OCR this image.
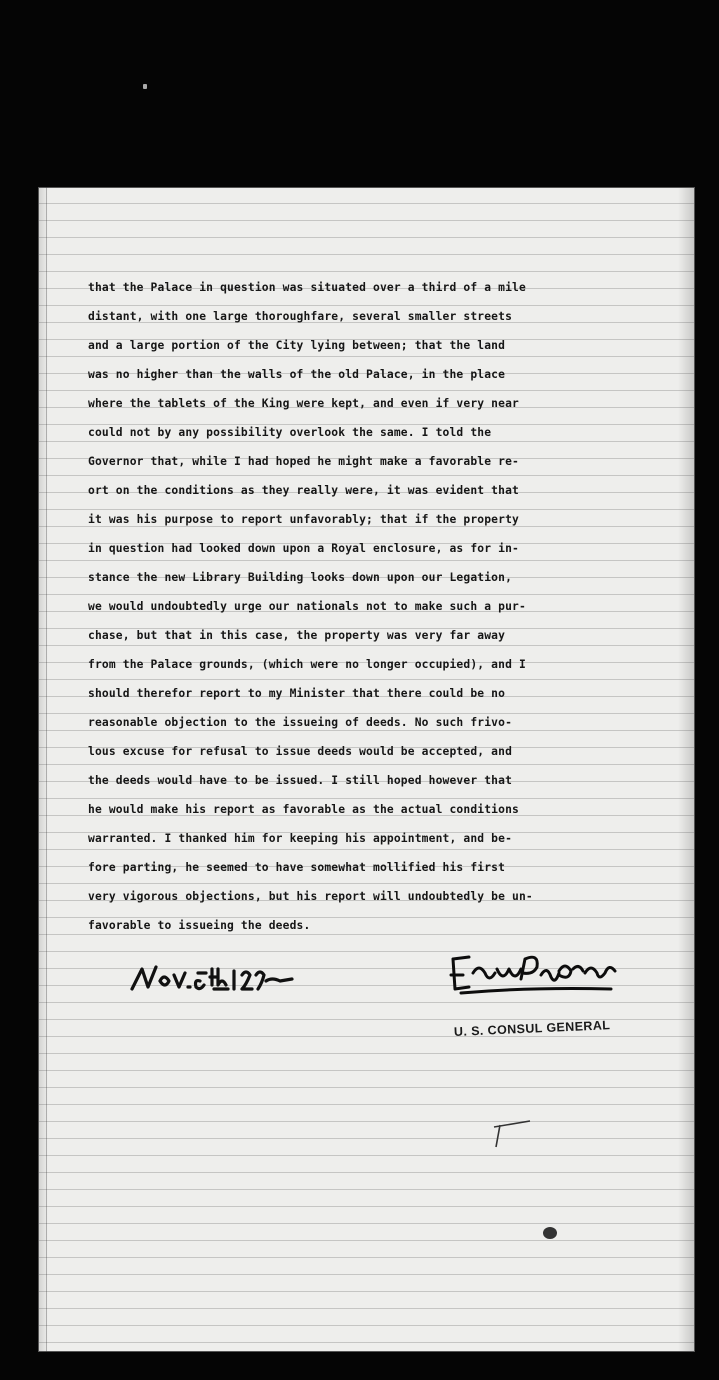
that the Palace in question was situated over a third of a mile
distant, with one large thoroughfare, several smaller streets
and a large portion of the City lying between; that the land
was no higher than the walls of the old Palace, in the place
where the tablets of the King were kept, and even if very near
could not by any possibility overlook the same. I told the
Governor that, while I had hoped he might make a favorable re-
ort on the conditions as they really were, it was evident that
it was his purpose to report unfavorably; that if the property
in question had looked down upon a Royal enclosure, as for in-
stance the new Library Building looks down upon our Legation,
we would undoubtedly urge our nationals not to make such a pur-
chase, but that in this case, the property was very far away
from the Palace grounds, (which were no longer occupied), and I
should therefor report to my Minister that there could be no
reasonable objection to the issueing of deeds. No such frivo-
lous excuse for refusal to issue deeds would be accepted, and
the deeds would have to be issued. I still hoped however that
he would make his report as favorable as the actual conditions
warranted. I thanked him for keeping his appointment, and be-
fore parting, he seemed to have somewhat mollified his first
very vigorous objections, but his report will undoubtedly be un-
favorable to issueing the deeds.
U. S. CONSUL GENERAL
